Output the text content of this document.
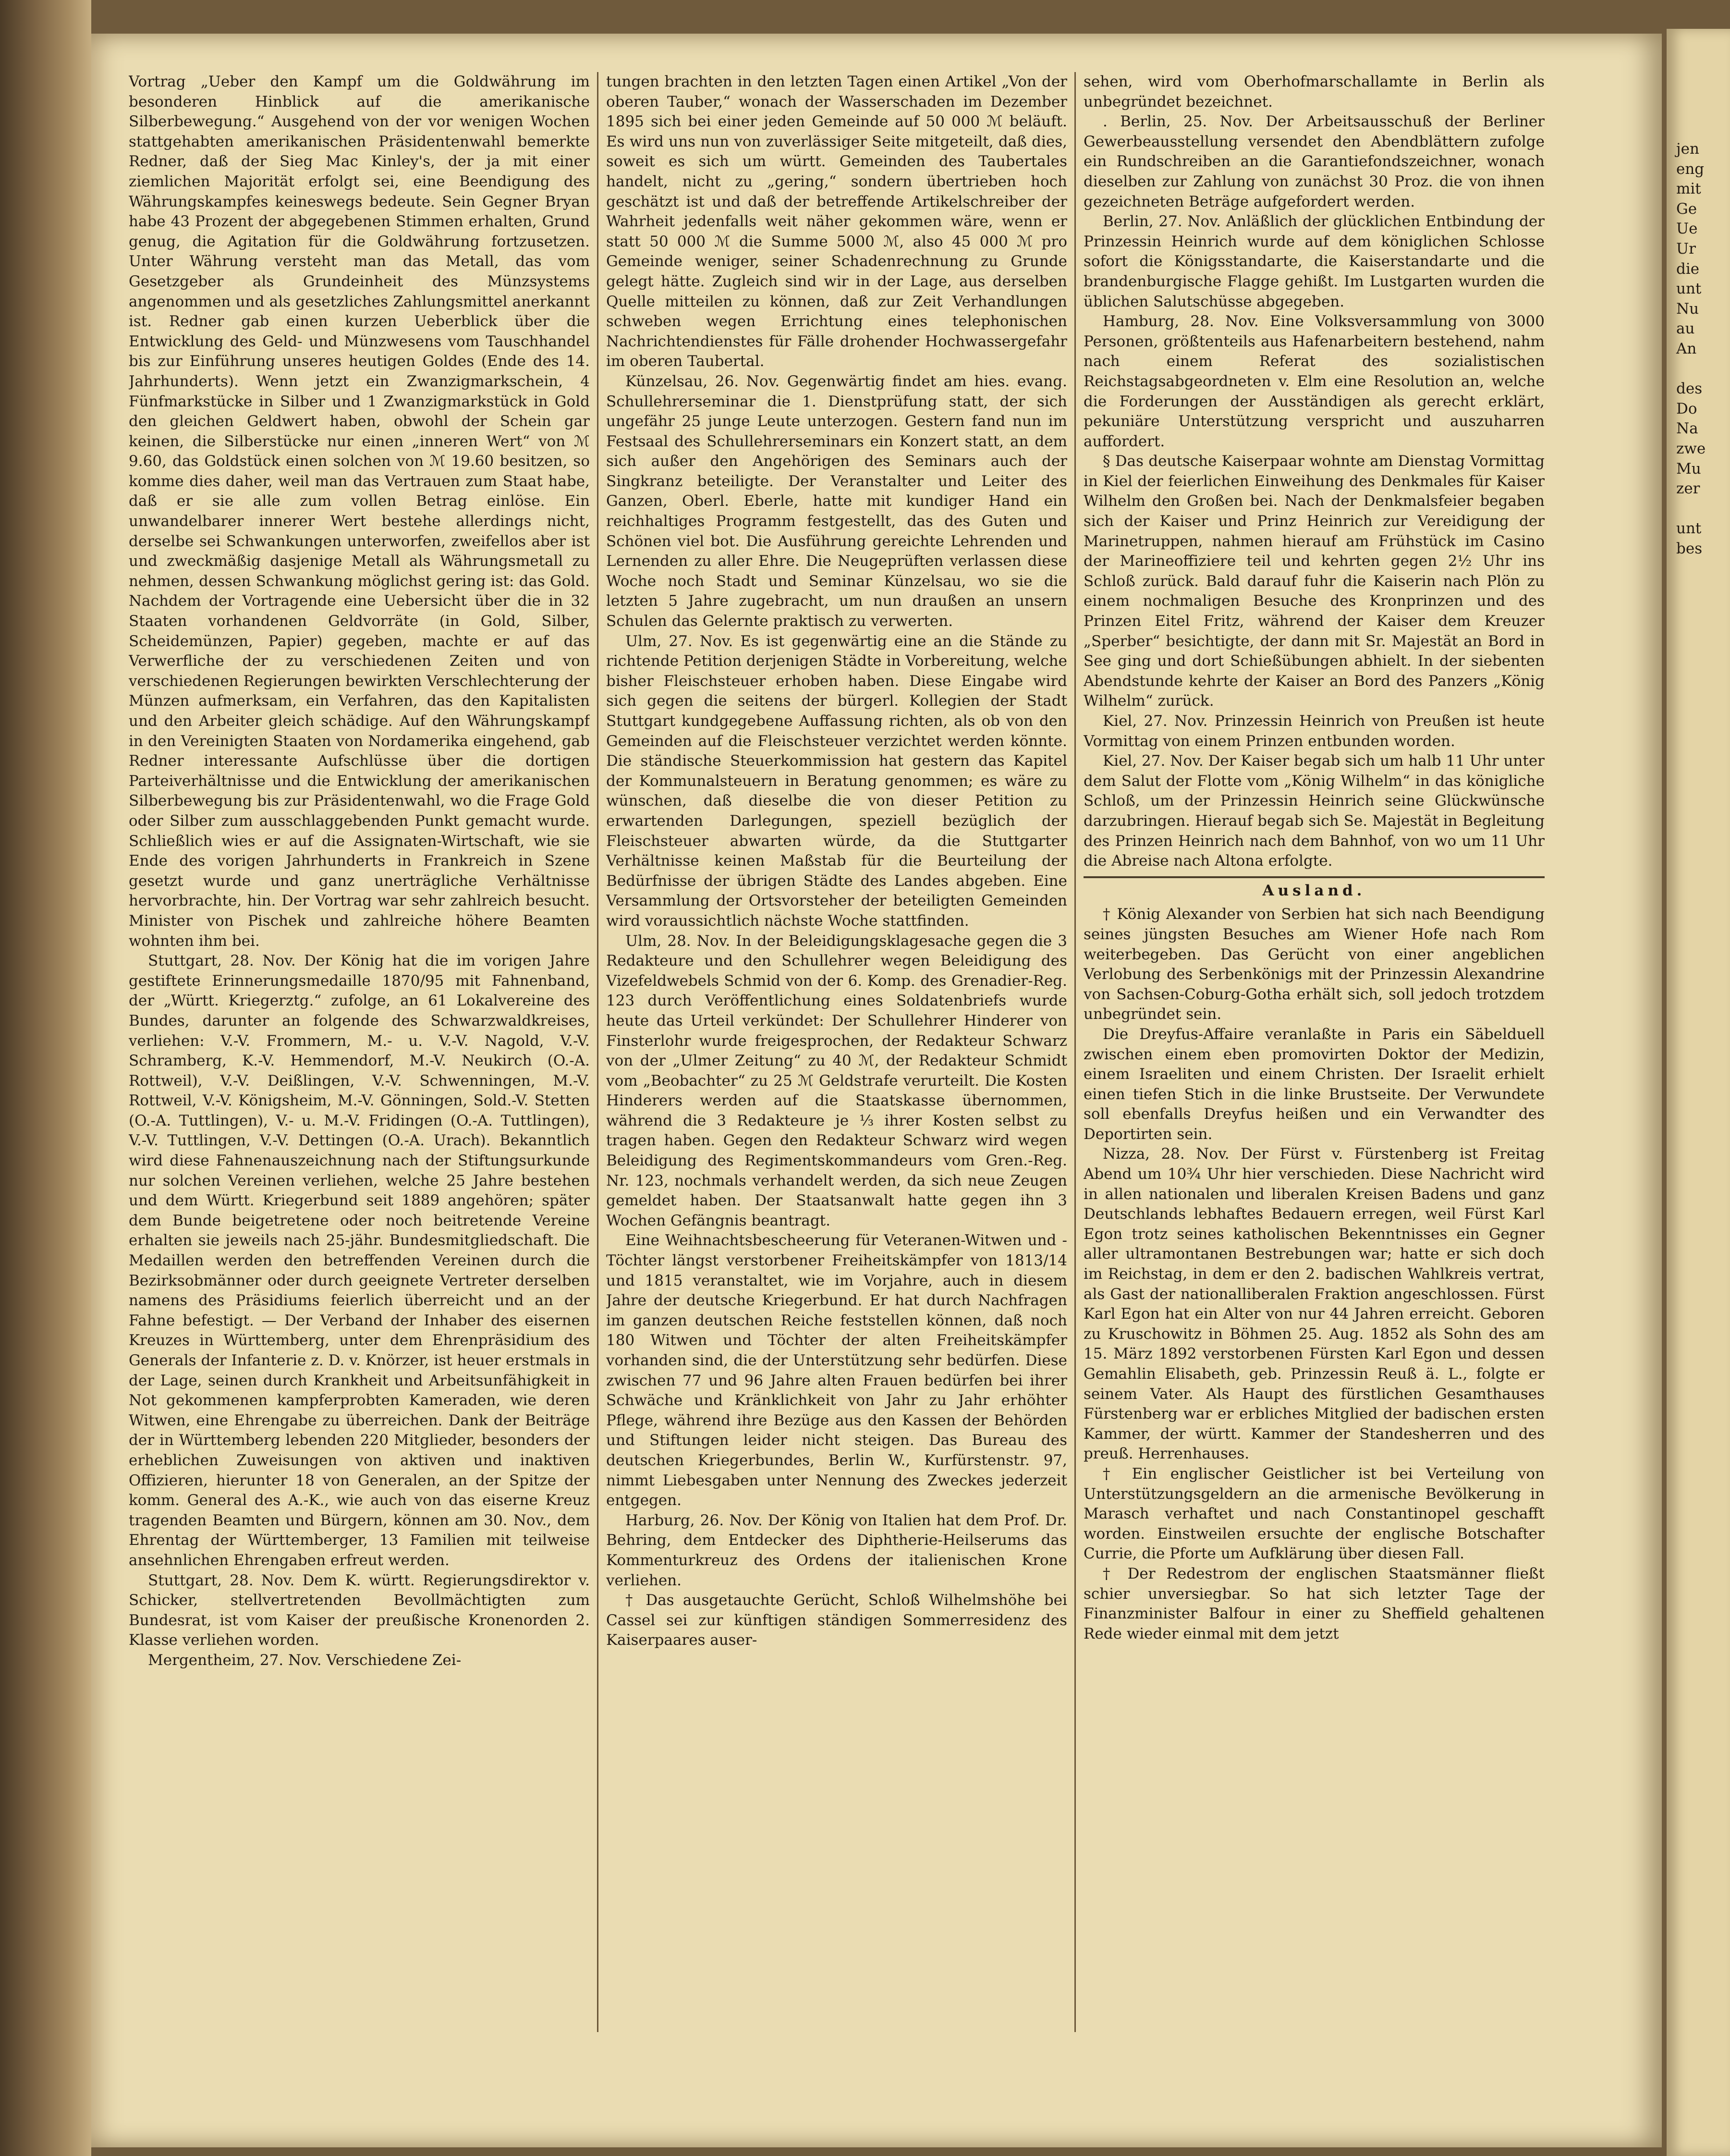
Vortrag „Ueber den Kampf um die Goldwährung im besonderen Hinblick auf die amerikanische Silberbewegung.“ Ausgehend von der vor wenigen Wochen stattgehabten amerikanischen Präsidentenwahl bemerkte Redner, daß der Sieg Mac Kinley's, der ja mit einer ziemlichen Majorität erfolgt sei, eine Beendigung des Währungskampfes keineswegs bedeute. Sein Gegner Bryan habe 43 Prozent der abgegebenen Stimmen erhalten, Grund genug, die Agitation für die Goldwährung fortzusetzen. Unter Währung versteht man das Metall, das vom Gesetzgeber als Grundeinheit des Münzsystems angenommen und als gesetzliches Zahlungsmittel anerkannt ist. Redner gab einen kurzen Ueberblick über die Entwicklung des Geld- und Münzwesens vom Tauschhandel bis zur Einführung unseres heutigen Goldes (Ende des 14. Jahrhunderts). Wenn jetzt ein Zwanzigmarkschein, 4 Fünfmarkstücke in Silber und 1 Zwanzigmarkstück in Gold den gleichen Geldwert haben, obwohl der Schein gar keinen, die Silberstücke nur einen „inneren Wert“ von ℳ 9.60, das Goldstück einen solchen von ℳ 19.60 besitzen, so komme dies daher, weil man das Vertrauen zum Staat habe, daß er sie alle zum vollen Betrag einlöse. Ein unwandelbarer innerer Wert bestehe allerdings nicht, derselbe sei Schwankungen unterworfen, zweifellos aber ist und zweckmäßig dasjenige Metall als Währungsmetall zu nehmen, dessen Schwankung möglichst gering ist: das Gold. Nachdem der Vortragende eine Uebersicht über die in 32 Staaten vorhandenen Geldvorräte (in Gold, Silber, Scheidemünzen, Papier) gegeben, machte er auf das Verwerfliche der zu verschiedenen Zeiten und von verschiedenen Regierungen bewirkten Verschlechterung der Münzen aufmerksam, ein Verfahren, das den Kapitalisten und den Arbeiter gleich schädige. Auf den Währungskampf in den Vereinigten Staaten von Nordamerika eingehend, gab Redner interessante Aufschlüsse über die dortigen Parteiverhältnisse und die Entwicklung der amerikanischen Silberbewegung bis zur Präsidentenwahl, wo die Frage Gold oder Silber zum ausschlaggebenden Punkt gemacht wurde. Schließlich wies er auf die Assignaten-Wirtschaft, wie sie Ende des vorigen Jahrhunderts in Frankreich in Szene gesetzt wurde und ganz unerträgliche Verhältnisse hervorbrachte, hin. Der Vortrag war sehr zahlreich besucht. Minister von Pischek und zahlreiche höhere Beamten wohnten ihm bei.

Stuttgart, 28. Nov. Der König hat die im vorigen Jahre gestiftete Erinnerungsmedaille 1870/95 mit Fahnenband, der „Württ. Kriegerztg.“ zufolge, an 61 Lokalvereine des Bundes, darunter an folgende des Schwarzwaldkreises, verliehen: V.-V. Frommern, M.- u. V.-V. Nagold, V.-V. Schramberg, K.-V. Hemmendorf, M.-V. Neukirch (O.-A. Rottweil), V.-V. Deißlingen, V.-V. Schwenningen, M.-V. Rottweil, V.-V. Königsheim, M.-V. Gönningen, Sold.-V. Stetten (O.-A. Tuttlingen), V.- u. M.-V. Fridingen (O.-A. Tuttlingen), V.-V. Tuttlingen, V.-V. Dettingen (O.-A. Urach). Bekanntlich wird diese Fahnenauszeichnung nach der Stiftungsurkunde nur solchen Vereinen verliehen, welche 25 Jahre bestehen und dem Württ. Kriegerbund seit 1889 angehören; später dem Bunde beigetretene oder noch beitretende Vereine erhalten sie jeweils nach 25-jähr. Bundesmitgliedschaft. Die Medaillen werden den betreffenden Vereinen durch die Bezirksobmänner oder durch geeignete Vertreter derselben namens des Präsidiums feierlich überreicht und an der Fahne befestigt. — Der Verband der Inhaber des eisernen Kreuzes in Württemberg, unter dem Ehrenpräsidium des Generals der Infanterie z. D. v. Knörzer, ist heuer erstmals in der Lage, seinen durch Krankheit und Arbeitsunfähigkeit in Not gekommenen kampferprobten Kameraden, wie deren Witwen, eine Ehrengabe zu überreichen. Dank der Beiträge der in Württemberg lebenden 220 Mitglieder, besonders der erheblichen Zuweisungen von aktiven und inaktiven Offizieren, hierunter 18 von Generalen, an der Spitze der komm. General des A.-K., wie auch von das eiserne Kreuz tragenden Beamten und Bürgern, können am 30. Nov., dem Ehrentag der Württemberger, 13 Familien mit teilweise ansehnlichen Ehrengaben erfreut werden.

Stuttgart, 28. Nov. Dem K. württ. Regierungsdirektor v. Schicker, stellvertretenden Bevollmächtigten zum Bundesrat, ist vom Kaiser der preußische Kronenorden 2. Klasse verliehen worden.

Mergentheim, 27. Nov. Verschiedene Zei-

tungen brachten in den letzten Tagen einen Artikel „Von der oberen Tauber,“ wonach der Wasserschaden im Dezember 1895 sich bei einer jeden Gemeinde auf 50 000 ℳ beläuft. Es wird uns nun von zuverlässiger Seite mitgeteilt, daß dies, soweit es sich um württ. Gemeinden des Taubertales handelt, nicht zu „gering,“ sondern übertrieben hoch geschätzt ist und daß der betreffende Artikelschreiber der Wahrheit jedenfalls weit näher gekommen wäre, wenn er statt 50 000 ℳ die Summe 5000 ℳ, also 45 000 ℳ pro Gemeinde weniger, seiner Schadenrechnung zu Grunde gelegt hätte. Zugleich sind wir in der Lage, aus derselben Quelle mitteilen zu können, daß zur Zeit Verhandlungen schweben wegen Errichtung eines telephonischen Nachrichtendienstes für Fälle drohender Hochwassergefahr im oberen Taubertal.

Künzelsau, 26. Nov. Gegenwärtig findet am hies. evang. Schullehrerseminar die 1. Dienstprüfung statt, der sich ungefähr 25 junge Leute unterzogen. Gestern fand nun im Festsaal des Schullehrerseminars ein Konzert statt, an dem sich außer den Angehörigen des Seminars auch der Singkranz beteiligte. Der Veranstalter und Leiter des Ganzen, Oberl. Eberle, hatte mit kundiger Hand ein reichhaltiges Programm festgestellt, das des Guten und Schönen viel bot. Die Ausführung gereichte Lehrenden und Lernenden zu aller Ehre. Die Neugeprüften verlassen diese Woche noch Stadt und Seminar Künzelsau, wo sie die letzten 5 Jahre zugebracht, um nun draußen an unsern Schulen das Gelernte praktisch zu verwerten.

Ulm, 27. Nov. Es ist gegenwärtig eine an die Stände zu richtende Petition derjenigen Städte in Vorbereitung, welche bisher Fleischsteuer erhoben haben. Diese Eingabe wird sich gegen die seitens der bürgerl. Kollegien der Stadt Stuttgart kundgegebene Auffassung richten, als ob von den Gemeinden auf die Fleischsteuer verzichtet werden könnte. Die ständische Steuerkommission hat gestern das Kapitel der Kommunalsteuern in Beratung genommen; es wäre zu wünschen, daß dieselbe die von dieser Petition zu erwartenden Darlegungen, speziell bezüglich der Fleischsteuer abwarten würde, da die Stuttgarter Verhältnisse keinen Maßstab für die Beurteilung der Bedürfnisse der übrigen Städte des Landes abgeben. Eine Versammlung der Ortsvorsteher der beteiligten Gemeinden wird voraussichtlich nächste Woche stattfinden.

Ulm, 28. Nov. In der Beleidigungsklagesache gegen die 3 Redakteure und den Schullehrer wegen Beleidigung des Vizefeldwebels Schmid von der 6. Komp. des Grenadier-Reg. 123 durch Veröffentlichung eines Soldatenbriefs wurde heute das Urteil verkündet: Der Schullehrer Hinderer von Finsterlohr wurde freigesprochen, der Redakteur Schwarz von der „Ulmer Zeitung“ zu 40 ℳ, der Redakteur Schmidt vom „Beobachter“ zu 25 ℳ Geldstrafe verurteilt. Die Kosten Hinderers werden auf die Staatskasse übernommen, während die 3 Redakteure je ⅓ ihrer Kosten selbst zu tragen haben. Gegen den Redakteur Schwarz wird wegen Beleidigung des Regimentskommandeurs vom Gren.-Reg. Nr. 123, nochmals verhandelt werden, da sich neue Zeugen gemeldet haben. Der Staatsanwalt hatte gegen ihn 3 Wochen Gefängnis beantragt.

Eine Weihnachtsbescheerung für Veteranen-Witwen und -Töchter längst verstorbener Freiheitskämpfer von 1813/14 und 1815 veranstaltet, wie im Vorjahre, auch in diesem Jahre der deutsche Kriegerbund. Er hat durch Nachfragen im ganzen deutschen Reiche feststellen können, daß noch 180 Witwen und Töchter der alten Freiheitskämpfer vorhanden sind, die der Unterstützung sehr bedürfen. Diese zwischen 77 und 96 Jahre alten Frauen bedürfen bei ihrer Schwäche und Kränklichkeit von Jahr zu Jahr erhöhter Pflege, während ihre Bezüge aus den Kassen der Behörden und Stiftungen leider nicht steigen. Das Bureau des deutschen Kriegerbundes, Berlin W., Kurfürstenstr. 97, nimmt Liebesgaben unter Nennung des Zweckes jederzeit entgegen.

Harburg, 26. Nov. Der König von Italien hat dem Prof. Dr. Behring, dem Entdecker des Diphtherie-Heilserums das Kommenturkreuz des Ordens der italienischen Krone verliehen.

† Das ausgetauchte Gerücht, Schloß Wilhelmshöhe bei Cassel sei zur künftigen ständigen Sommerresidenz des Kaiserpaares auser-

sehen, wird vom Oberhofmarschallamte in Berlin als unbegründet bezeichnet.

. Berlin, 25. Nov. Der Arbeitsausschuß der Berliner Gewerbeausstellung versendet den Abendblättern zufolge ein Rundschreiben an die Garantiefondszeichner, wonach dieselben zur Zahlung von zunächst 30 Proz. die von ihnen gezeichneten Beträge aufgefordert werden.

Berlin, 27. Nov. Anläßlich der glücklichen Entbindung der Prinzessin Heinrich wurde auf dem königlichen Schlosse sofort die Königsstandarte, die Kaiserstandarte und die brandenburgische Flagge gehißt. Im Lustgarten wurden die üblichen Salutschüsse abgegeben.

Hamburg, 28. Nov. Eine Volksversammlung von 3000 Personen, größtenteils aus Hafenarbeitern bestehend, nahm nach einem Referat des sozialistischen Reichstagsabgeordneten v. Elm eine Resolution an, welche die Forderungen der Ausständigen als gerecht erklärt, pekuniäre Unterstützung verspricht und auszuharren auffordert.

§ Das deutsche Kaiserpaar wohnte am Dienstag Vormittag in Kiel der feierlichen Einweihung des Denkmales für Kaiser Wilhelm den Großen bei. Nach der Denkmalsfeier begaben sich der Kaiser und Prinz Heinrich zur Vereidigung der Marinetruppen, nahmen hierauf am Frühstück im Casino der Marineoffiziere teil und kehrten gegen 2½ Uhr ins Schloß zurück. Bald darauf fuhr die Kaiserin nach Plön zu einem nochmaligen Besuche des Kronprinzen und des Prinzen Eitel Fritz, während der Kaiser dem Kreuzer „Sperber“ besichtigte, der dann mit Sr. Majestät an Bord in See ging und dort Schießübungen abhielt. In der siebenten Abendstunde kehrte der Kaiser an Bord des Panzers „König Wilhelm“ zurück.

Kiel, 27. Nov. Prinzessin Heinrich von Preußen ist heute Vormittag von einem Prinzen entbunden worden.

Kiel, 27. Nov. Der Kaiser begab sich um halb 11 Uhr unter dem Salut der Flotte vom „König Wilhelm“ in das königliche Schloß, um der Prinzessin Heinrich seine Glückwünsche darzubringen. Hierauf begab sich Se. Majestät in Begleitung des Prinzen Heinrich nach dem Bahnhof, von wo um 11 Uhr die Abreise nach Altona erfolgte.

Ausland.

† König Alexander von Serbien hat sich nach Beendigung seines jüngsten Besuches am Wiener Hofe nach Rom weiterbegeben. Das Gerücht von einer angeblichen Verlobung des Serbenkönigs mit der Prinzessin Alexandrine von Sachsen-Coburg-Gotha erhält sich, soll jedoch trotzdem unbegründet sein.

Die Dreyfus-Affaire veranlaßte in Paris ein Säbelduell zwischen einem eben promovirten Doktor der Medizin, einem Israeliten und einem Christen. Der Israelit erhielt einen tiefen Stich in die linke Brustseite. Der Verwundete soll ebenfalls Dreyfus heißen und ein Verwandter des Deportirten sein.

Nizza, 28. Nov. Der Fürst v. Fürstenberg ist Freitag Abend um 10¾ Uhr hier verschieden. Diese Nachricht wird in allen nationalen und liberalen Kreisen Badens und ganz Deutschlands lebhaftes Bedauern erregen, weil Fürst Karl Egon trotz seines katholischen Bekenntnisses ein Gegner aller ultramontanen Bestrebungen war; hatte er sich doch im Reichstag, in dem er den 2. badischen Wahlkreis vertrat, als Gast der nationalliberalen Fraktion angeschlossen. Fürst Karl Egon hat ein Alter von nur 44 Jahren erreicht. Geboren zu Kruschowitz in Böhmen 25. Aug. 1852 als Sohn des am 15. März 1892 verstorbenen Fürsten Karl Egon und dessen Gemahlin Elisabeth, geb. Prinzessin Reuß ä. L., folgte er seinem Vater. Als Haupt des fürstlichen Gesamthauses Fürstenberg war er erbliches Mitglied der badischen ersten Kammer, der württ. Kammer der Standesherren und des preuß. Herrenhauses.

† Ein englischer Geistlicher ist bei Verteilung von Unterstützungsgeldern an die armenische Bevölkerung in Marasch verhaftet und nach Constantinopel geschafft worden. Einstweilen ersuchte der englische Botschafter Currie, die Pforte um Aufklärung über diesen Fall.

† Der Redestrom der englischen Staatsmänner fließt schier unversiegbar. So hat sich letzter Tage der Finanzminister Balfour in einer zu Sheffield gehaltenen Rede wieder einmal mit dem jetzt

jen

eng

mit

Ge

Ue

Ur

die

unt

Nu

au

An

des

Do

Na

zwe

Mu

zer

unt

bes
